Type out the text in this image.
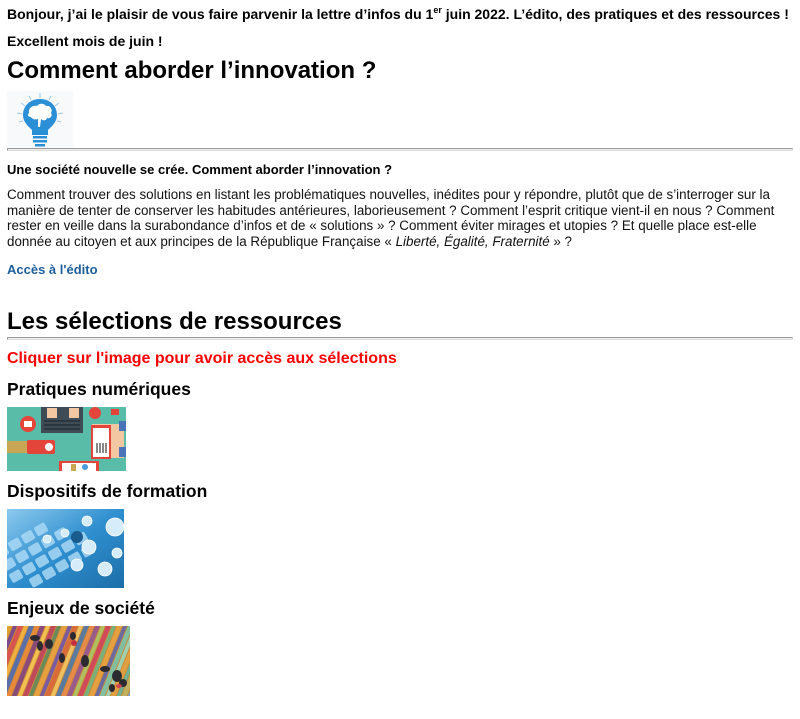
Bonjour, j’ai le plaisir de vous faire parvenir la lettre d’infos du 1er juin 2022. L’édito, des pratiques et des ressources !

Excellent mois de juin !

Comment aborder l’innovation ?

Une société nouvelle se crée. Comment aborder l’innovation ?

Comment trouver des solutions en listant les problématiques nouvelles, inédites pour y répondre, plutôt que de s’interroger sur la manière de tenter de conserver les habitudes antérieures, laborieusement ? Comment l’esprit critique vient-il en nous ? Comment rester en veille dans la surabondance d’infos et de « solutions » ? Comment éviter mirages et utopies ? Et quelle place est-elle donnée au citoyen et aux principes de la République Française « Liberté, Égalité, Fraternité » ?

Accès à l'édito
Les sélections de ressources

Cliquer sur l'image pour avoir accès aux sélections

Pratiques numériques
Dispositifs de formation
Enjeux de société
